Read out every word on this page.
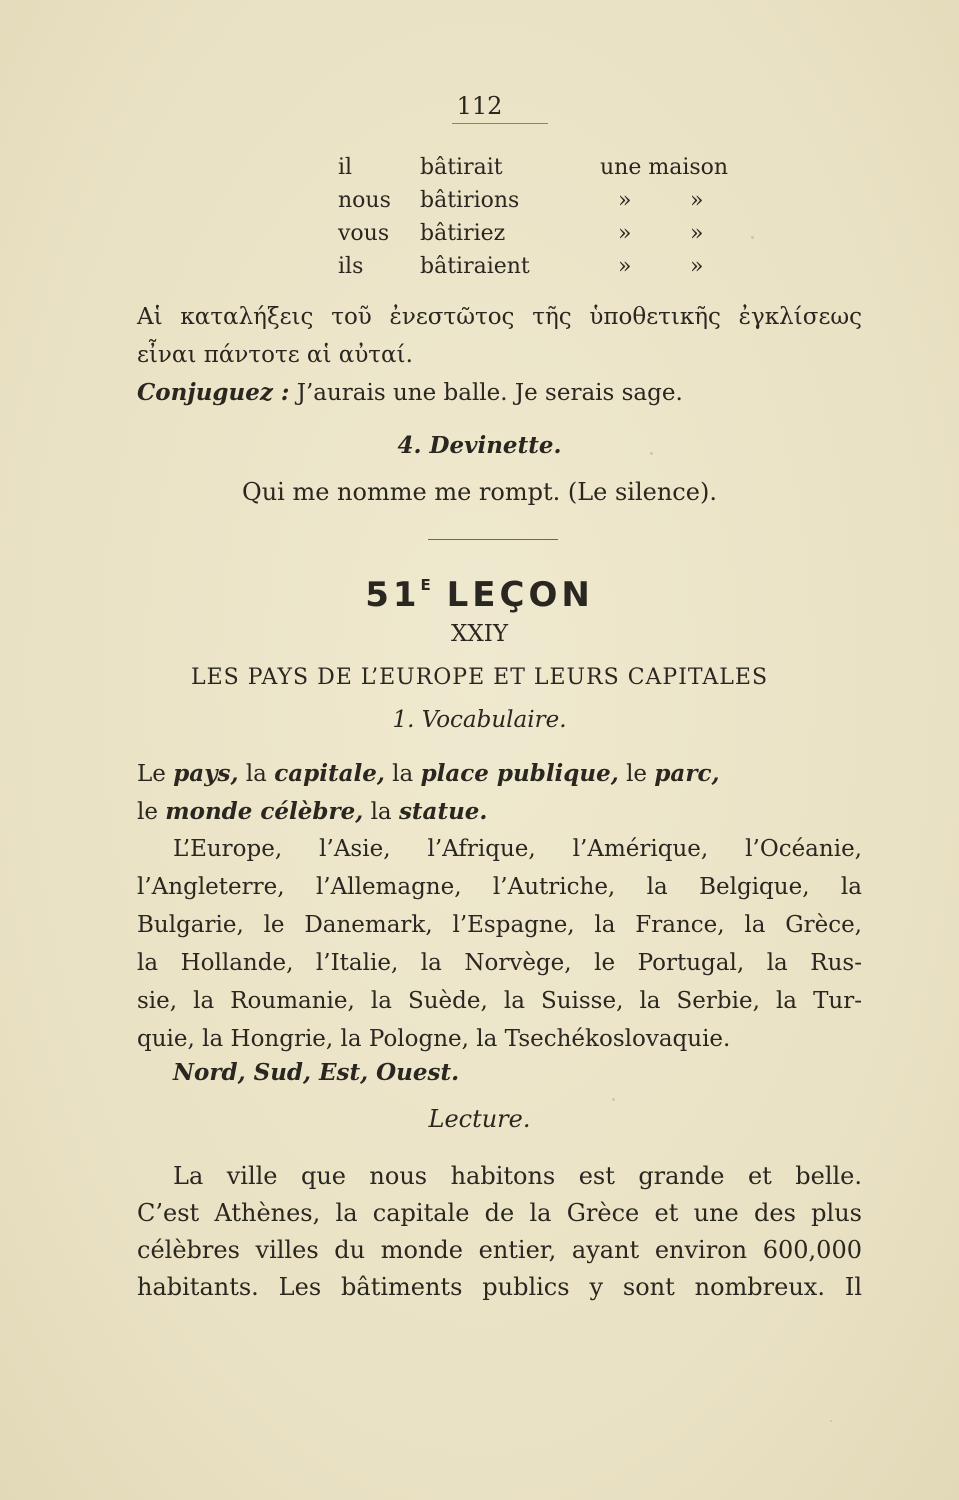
112
il	bâtirait	une maison
nous bâtirions	»	»
vous bâtiriez	»	»
ils	bâtiraient	»	»
Αἱ καταλήξεις τοῦ ἐνεστῶτος τῆς ὑποθετικῆς ἐγκλίσεως εἶναι πάντοτε αἱ αὐταί.
Conjuguez : J’aurais une balle. Je serais sage.
4. Devinette.
Qui me nomme me rompt. (Le silence).
$51^E$ LEÇON
XXIY
LES PAYS DE L’EUROPE ET LEURS CAPITALES
1. Vocabulaire.
Le pays, la capitale, la place publique, le parc,
le monde célèbre, la statue.
L’Europe, l’Asie, l’Afrique, l’Amérique, l’Océanie,
l’Angleterre, l’Allemagne, l’Autriche, la Belgique, la
Bulgarie, le Danemark, l’Espagne, la France, la Grèce,
la Hollande, l’Italie, la Norvège, le Portugal, la Rus-
sie, la Roumanie, la Suède, la Suisse, la Serbie, la Tur-
quie, la Hongrie, la Pologne, la Tsechékoslovaquie.
Nord, Sud, Est, Ouest.
Lecture.
La ville que nous habitons est grande et belle.
C’est Athènes, la capitale de la Grèce et une des plus
célèbres villes du monde entier, ayant environ 600,000
habitants. Les bâtiments publics y sont nombreux. Il
